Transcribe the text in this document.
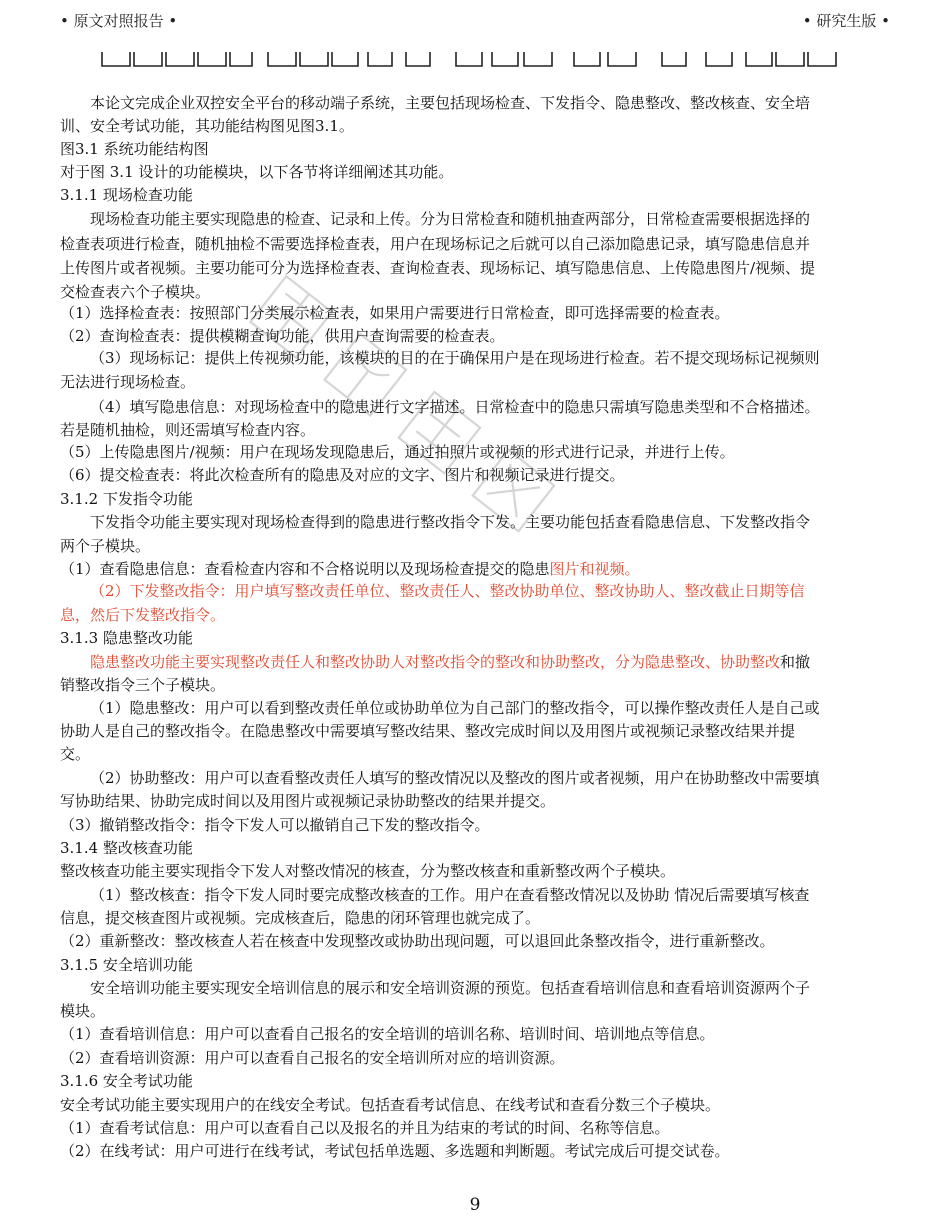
• 原文对照报告 •	• 研究生版 •
本论文完成企业双控安全平台的移动端子系统，主要包括现场检查、下发指令、隐患整改、整改核查、安全培
训、安全考试功能，其功能结构图见图3.1。
图3.1 系统功能结构图
对于图 3.1 设计的功能模块，以下各节将详细阐述其功能。
3.1.1 现场检查功能
现场检查功能主要实现隐患的检查、记录和上传。分为日常检查和随机抽查两部分，日常检查需要根据选择的
检查表项进行检查，随机抽检不需要选择检查表，用户在现场标记之后就可以自己添加隐患记录，填写隐患信息并
上传图片或者视频。主要功能可分为选择检查表、查询检查表、现场标记、填写隐患信息、上传隐患图片/视频、提
交检查表六个子模块。
（1）选择检查表：按照部门分类展示检查表，如果用户需要进行日常检查，即可选择需要的检查表。
（2）查询检查表：提供模糊查询功能，供用户查询需要的检查表。
（3）现场标记：提供上传视频功能，该模块的目的在于确保用户是在现场进行检查。若不提交现场标记视频则
无法进行现场检查。
（4）填写隐患信息：对现场检查中的隐患进行文字描述。日常检查中的隐患只需填写隐患类型和不合格描述。
若是随机抽检，则还需填写检查内容。
（5）上传隐患图片/视频：用户在现场发现隐患后，通过拍照片或视频的形式进行记录，并进行上传。
（6）提交检查表：将此次检查所有的隐患及对应的文字、图片和视频记录进行提交。
3.1.2 下发指令功能
下发指令功能主要实现对现场检查得到的隐患进行整改指令下发。主要功能包括查看隐患信息、下发整改指令
两个子模块。
（1）查看隐患信息：查看检查内容和不合格说明以及现场检查提交的隐患图片和视频。
（2）下发整改指令：用户填写整改责任单位、整改责任人、整改协助单位、整改协助人、整改截止日期等信
息，然后下发整改指令。
3.1.3 隐患整改功能
隐患整改功能主要实现整改责任人和整改协助人对整改指令的整改和协助整改，分为隐患整改、协助整改和撤
销整改指令三个子模块。
（1）隐患整改：用户可以看到整改责任单位或协助单位为自己部门的整改指令，可以操作整改责任人是自己或
协助人是自己的整改指令。在隐患整改中需要填写整改结果、整改完成时间以及用图片或视频记录整改结果并提
交。
（2）协助整改：用户可以查看整改责任人填写的整改情况以及整改的图片或者视频，用户在协助整改中需要填
写协助结果、协助完成时间以及用图片或视频记录协助整改的结果并提交。
（3）撤销整改指令：指令下发人可以撤销自己下发的整改指令。
3.1.4 整改核查功能
整改核查功能主要实现指令下发人对整改情况的核查，分为整改核查和重新整改两个子模块。
（1）整改核查：指令下发人同时要完成整改核查的工作。用户在查看整改情况以及协助 情况后需要填写核查
信息，提交核查图片或视频。完成核查后，隐患的闭环管理也就完成了。
（2）重新整改：整改核查人若在核查中发现整改或协助出现问题，可以退回此条整改指令，进行重新整改。
3.1.5 安全培训功能
安全培训功能主要实现安全培训信息的展示和安全培训资源的预览。包括查看培训信息和查看培训资源两个子
模块。
（1）查看培训信息：用户可以查看自己报名的安全培训的培训名称、培训时间、培训地点等信息。
（2）查看培训资源：用户可以查看自己报名的安全培训所对应的培训资源。
3.1.6 安全考试功能
安全考试功能主要实现用户的在线安全考试。包括查看考试信息、在线考试和查看分数三个子模块。
（1）查看考试信息：用户可以查看自己以及报名的并且为结束的考试的时间、名称等信息。
（2）在线考试：用户可进行在线考试，考试包括单选题、多选题和判断题。考试完成后可提交试卷。
9
